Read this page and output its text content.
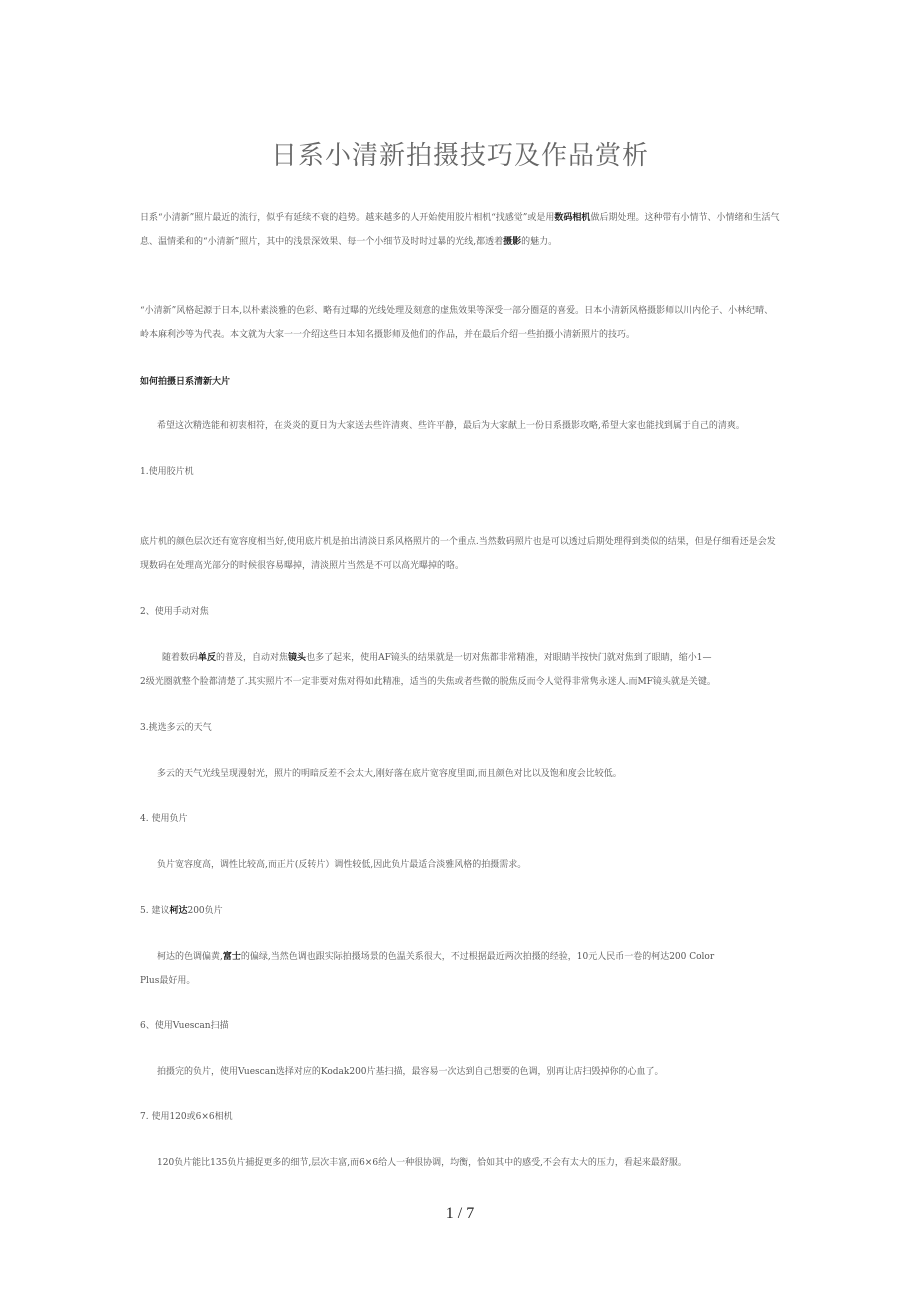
日系小清新拍摄技巧及作品赏析

日系“小清新”照片最近的流行，似乎有延续不衰的趋势。越来越多的人开始使用胶片相机“找感觉”或是用数码相机做后期处理。这种带有小情节、小情绪和生活气息、温情柔和的“小清新”照片，其中的浅景深效果、每一个小细节及时时过暴的光线,都透着摄影的魅力。

“小清新”风格起源于日本,以朴素淡雅的色彩、略有过曝的光线处理及刻意的虚焦效果等深受一部分圈趸的喜爱。日本小清新风格摄影师以川内伦子、小林纪晴、岭本麻利沙等为代表。本文就为大家一一介绍这些日本知名摄影师及他们的作品，并在最后介绍一些拍摄小清新照片的技巧。

如何拍摄日系清新大片

希望这次精选能和初衷相符，在炎炎的夏日为大家送去些许清爽、些许平静，最后为大家献上一份日系摄影攻略,希望大家也能找到属于自己的清爽。

1.使用胶片机

底片机的颜色层次还有宽容度相当好,使用底片机是拍出清淡日系风格照片的一个重点.当然数码照片也是可以透过后期处理得到类似的结果，但是仔细看还是会发现数码在处理高光部分的时候很容易曝掉，清淡照片当然是不可以高光曝掉的咯。

2、使用手动对焦

随着数码单反的普及，自动对焦镜头也多了起来，使用AF镜头的结果就是一切对焦都非常精准，对眼睛半按快门就对焦到了眼睛，缩小1—

2级光圈就整个脸都清楚了.其实照片不一定非要对焦对得如此精准，适当的失焦或者些微的脱焦反而令人觉得非常隽永迷人.而MF镜头就是关键。

3.挑选多云的天气

多云的天气光线呈现漫射光，照片的明暗反差不会太大,刚好落在底片宽容度里面,而且颜色对比以及饱和度会比较低。

4. 使用负片

负片宽容度高，调性比较高,而正片(反转片）调性较低,因此负片最适合淡雅风格的拍摄需求。

5. 建议柯达200负片

柯达的色调偏黄,富士的偏绿,当然色调也跟实际拍摄场景的色温关系很大，不过根据最近两次拍摄的经验，10元人民币一卷的柯达200 Color

Plus最好用。

6、使用Vuescan扫描

拍摄完的负片，使用Vuescan选择对应的Kodak200片基扫描，最容易一次达到自己想要的色调，别再让店扫毁掉你的心血了。

7. 使用120或6×6相机

120负片能比135负片捕捉更多的细节,层次丰富,而6×6给人一种很协调，均衡，恰如其中的感受,不会有太大的压力，看起来最舒服。

1 / 7
